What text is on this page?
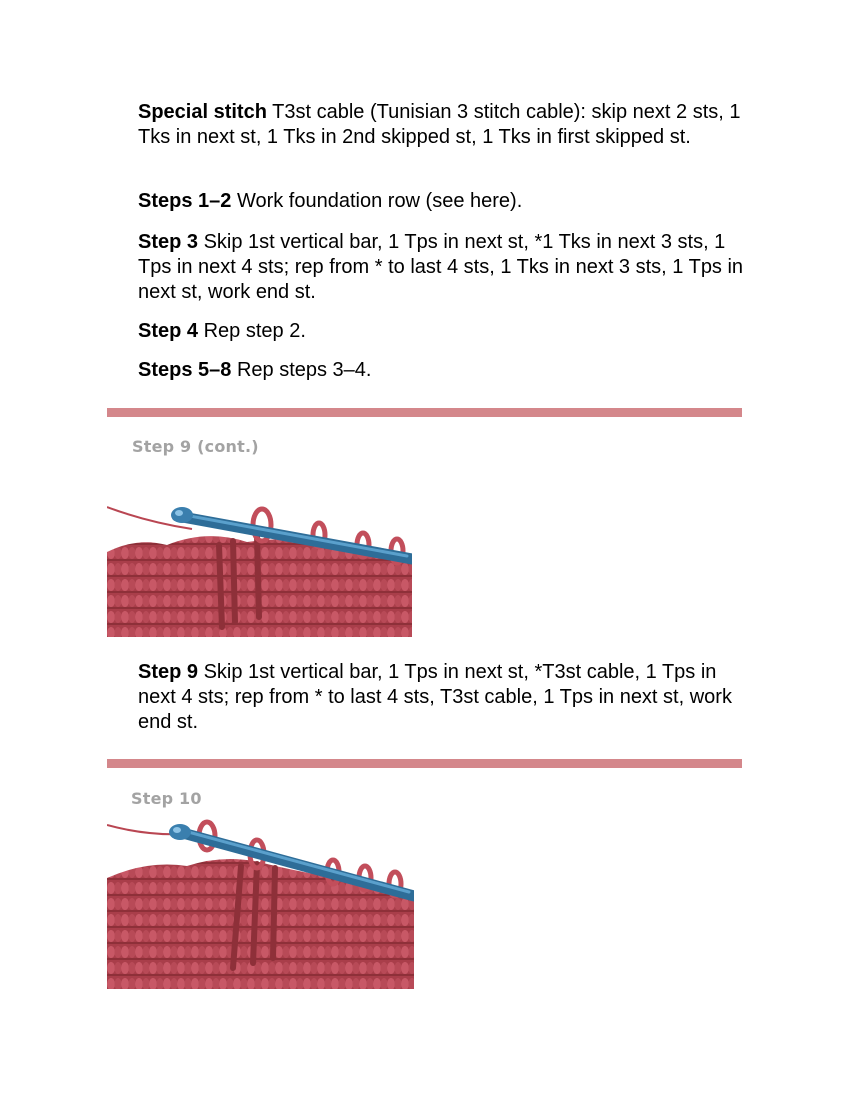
Special stitch T3st cable (Tunisian 3 stitch cable): skip next 2 sts, 1 Tks in next st, 1 Tks in 2nd skipped st, 1 Tks in first skipped st.

Steps 1–2 Work foundation row (see here).

Step 3 Skip 1st vertical bar, 1 Tps in next st, *1 Tks in next 3 sts, 1 Tps in next 4 sts; rep from * to last 4 sts, 1 Tks in next 3 sts, 1 Tps in next st, work end st.

Step 4 Rep step 2.

Steps 5–8 Rep steps 3–4.

Step 9 (cont.)

Step 9 Skip 1st vertical bar, 1 Tps in next st, *T3st cable, 1 Tps in next 4 sts; rep from * to last 4 sts, T3st cable, 1 Tps in next st, work end st.

Step 10
